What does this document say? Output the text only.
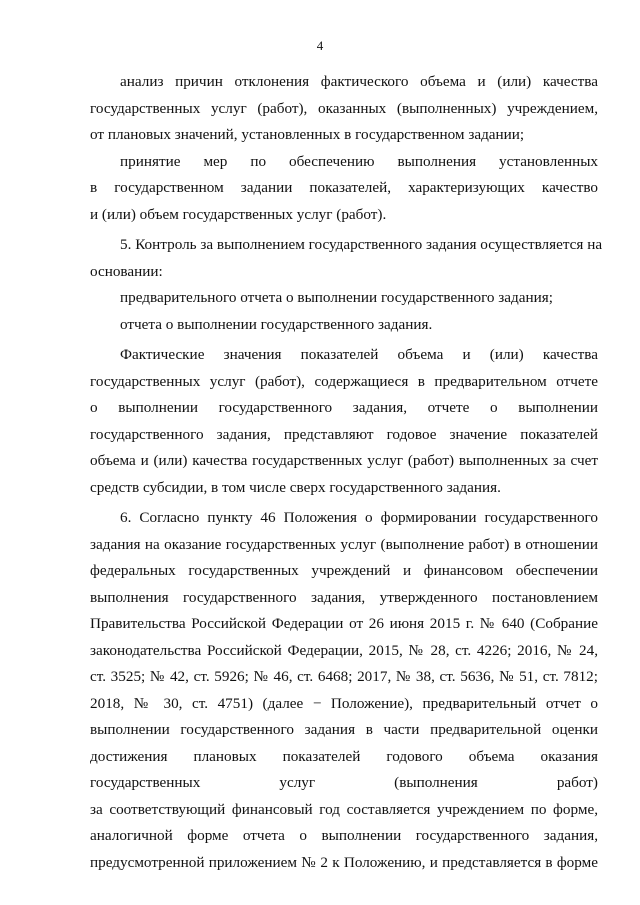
4

анализ причин отклонения фактического объема и (или) качества
государственных услуг (работ), оказанных (выполненных) учреждением,
от плановых значений, установленных в государственном задании;

принятие мер по обеспечению выполнения установленных
в государственном задании показателей, характеризующих качество
и (или) объем государственных услуг (работ).

5. Контроль за выполнением государственного задания осуществляется на
основании:

предварительного отчета о выполнении государственного задания;

отчета о выполнении государственного задания.

Фактические значения показателей объема и (или) качества
государственных услуг (работ), содержащиеся в предварительном отчете
о выполнении государственного задания, отчете о выполнении
государственного задания, представляют годовое значение показателей
объема и (или) качества государственных услуг (работ) выполненных за счет
средств субсидии, в том числе сверх государственного задания.

6. Согласно пункту 46 Положения о формировании государственного
задания на оказание государственных услуг (выполнение работ) в отношении
федеральных государственных учреждений и финансовом обеспечении
выполнения государственного задания, утвержденного постановлением
Правительства Российской Федерации от 26 июня 2015 г. № 640 (Собрание
законодательства Российской Федерации, 2015, № 28, ст. 4226; 2016, № 24,
ст. 3525; № 42, ст. 5926; № 46, ст. 6468; 2017, № 38, ст. 5636, № 51, ст. 7812;
2018, № 30, ст. 4751) (далее − Положение), предварительный отчет о
выполнении государственного задания в части предварительной оценки
достижения плановых показателей годового объема оказания
государственных услуг (выполнения работ)
за соответствующий финансовый год составляется учреждением по форме,
аналогичной форме отчета о выполнении государственного задания,
предусмотренной приложением № 2 к Положению, и представляется в форме
